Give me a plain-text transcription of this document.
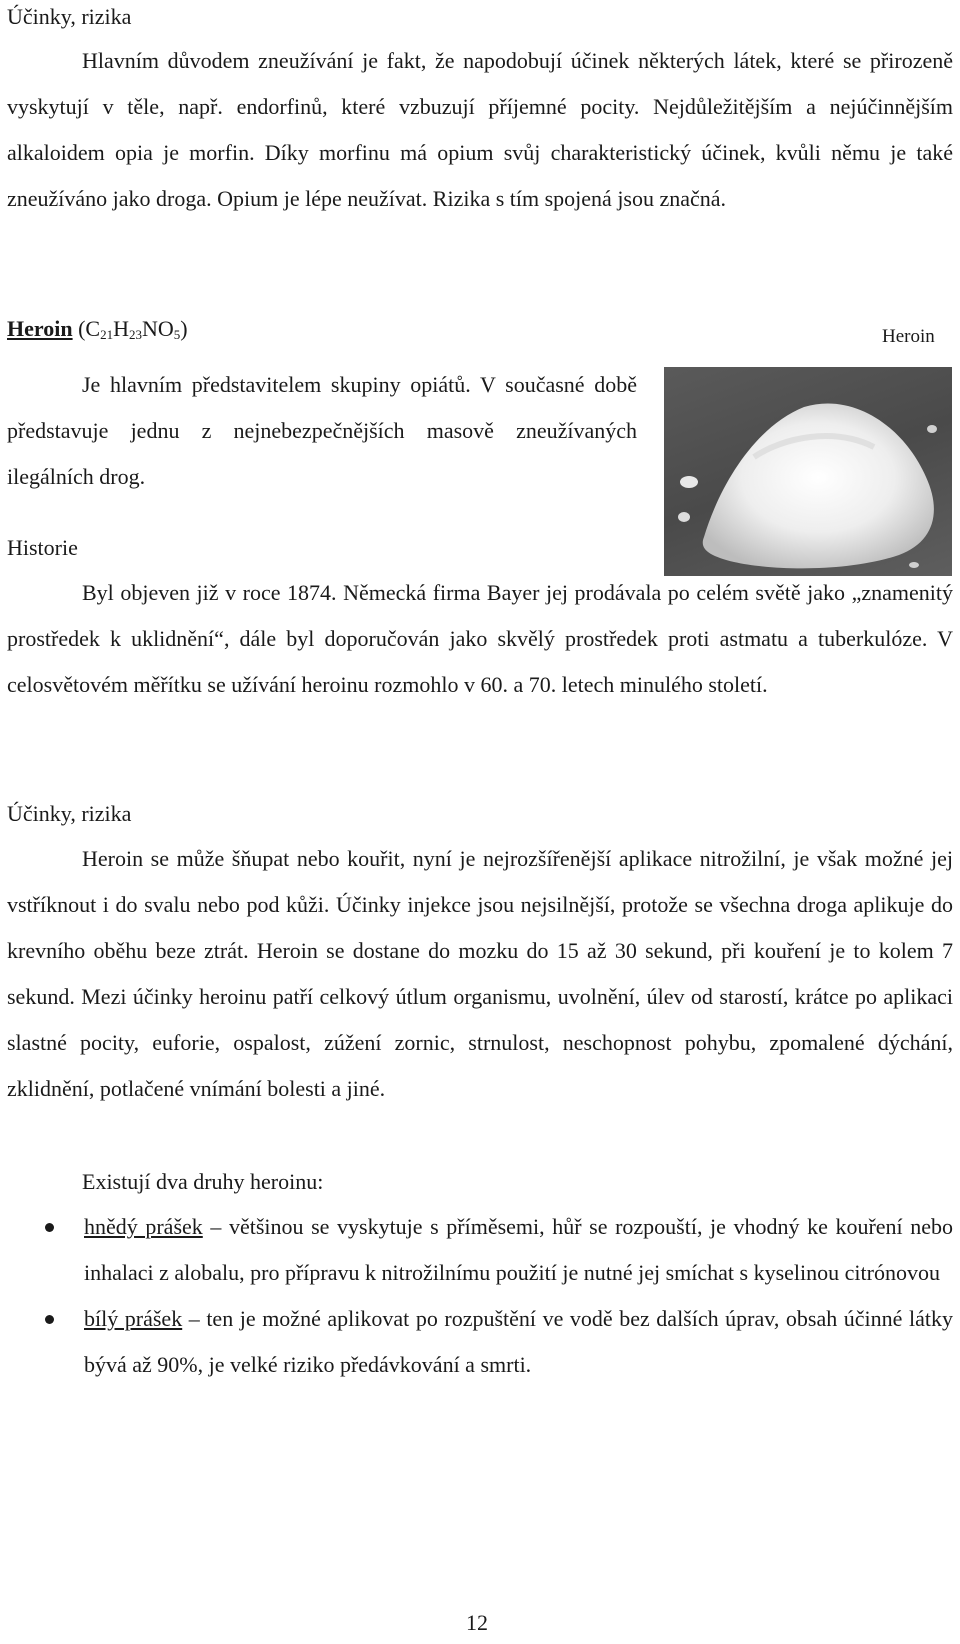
Účinky, rizika

Hlavním důvodem zneužívání je fakt, že napodobují účinek některých látek, které se přirozeně vyskytují v těle, např. endorfinů, které vzbuzují příjemné pocity. Nejdůležitějším a nejúčinnějším alkaloidem opia je morfin. Díky morfinu má opium svůj charakteristický účinek, kvůli němu je také zneužíváno jako droga. Opium je lépe neužívat. Rizika s tím spojená jsou značná.

Heroin $(C_{21}H_{23}NO_5)$	Heroin

Je hlavním představitelem skupiny opiátů. V současné době představuje jednu z nejnebezpečnějších masově zneužívaných ilegálních drog.

Historie

Byl objeven již v roce 1874. Německá firma Bayer jej prodávala po celém světě jako „znamenitý prostředek k uklidnění“, dále byl doporučován jako skvělý prostředek proti astmatu a tuberkulóze. V celosvětovém měřítku se užívání heroinu rozmohlo v 60. a 70. letech minulého století.

Účinky, rizika

Heroin se může šňupat nebo kouřit, nyní je nejrozšířenější aplikace nitrožilní, je však možné jej vstříknout i do svalu nebo pod kůži. Účinky injekce jsou nejsilnější, protože se všechna droga aplikuje do krevního oběhu beze ztrát. Heroin se dostane do mozku do 15 až 30 sekund, při kouření je to kolem 7 sekund. Mezi účinky heroinu patří celkový útlum organismu, uvolnění, úlev od starostí, krátce po aplikaci slastné pocity, euforie, ospalost, zúžení zornic, strnulost, neschopnost pohybu, zpomalené dýchání, zklidnění, potlačené vnímání bolesti a jiné.

Existují dva druhy heroinu:

hnědý prášek – většinou se vyskytuje s příměsemi, hůř se rozpouští, je vhodný ke kouření nebo inhalaci z alobalu, pro přípravu k nitrožilnímu použití je nutné jej smíchat s kyselinou citrónovou
bílý prášek – ten je možné aplikovat po rozpuštění ve vodě bez dalších úprav, obsah účinné látky bývá až 90%, je velké riziko předávkování a smrti.
12
